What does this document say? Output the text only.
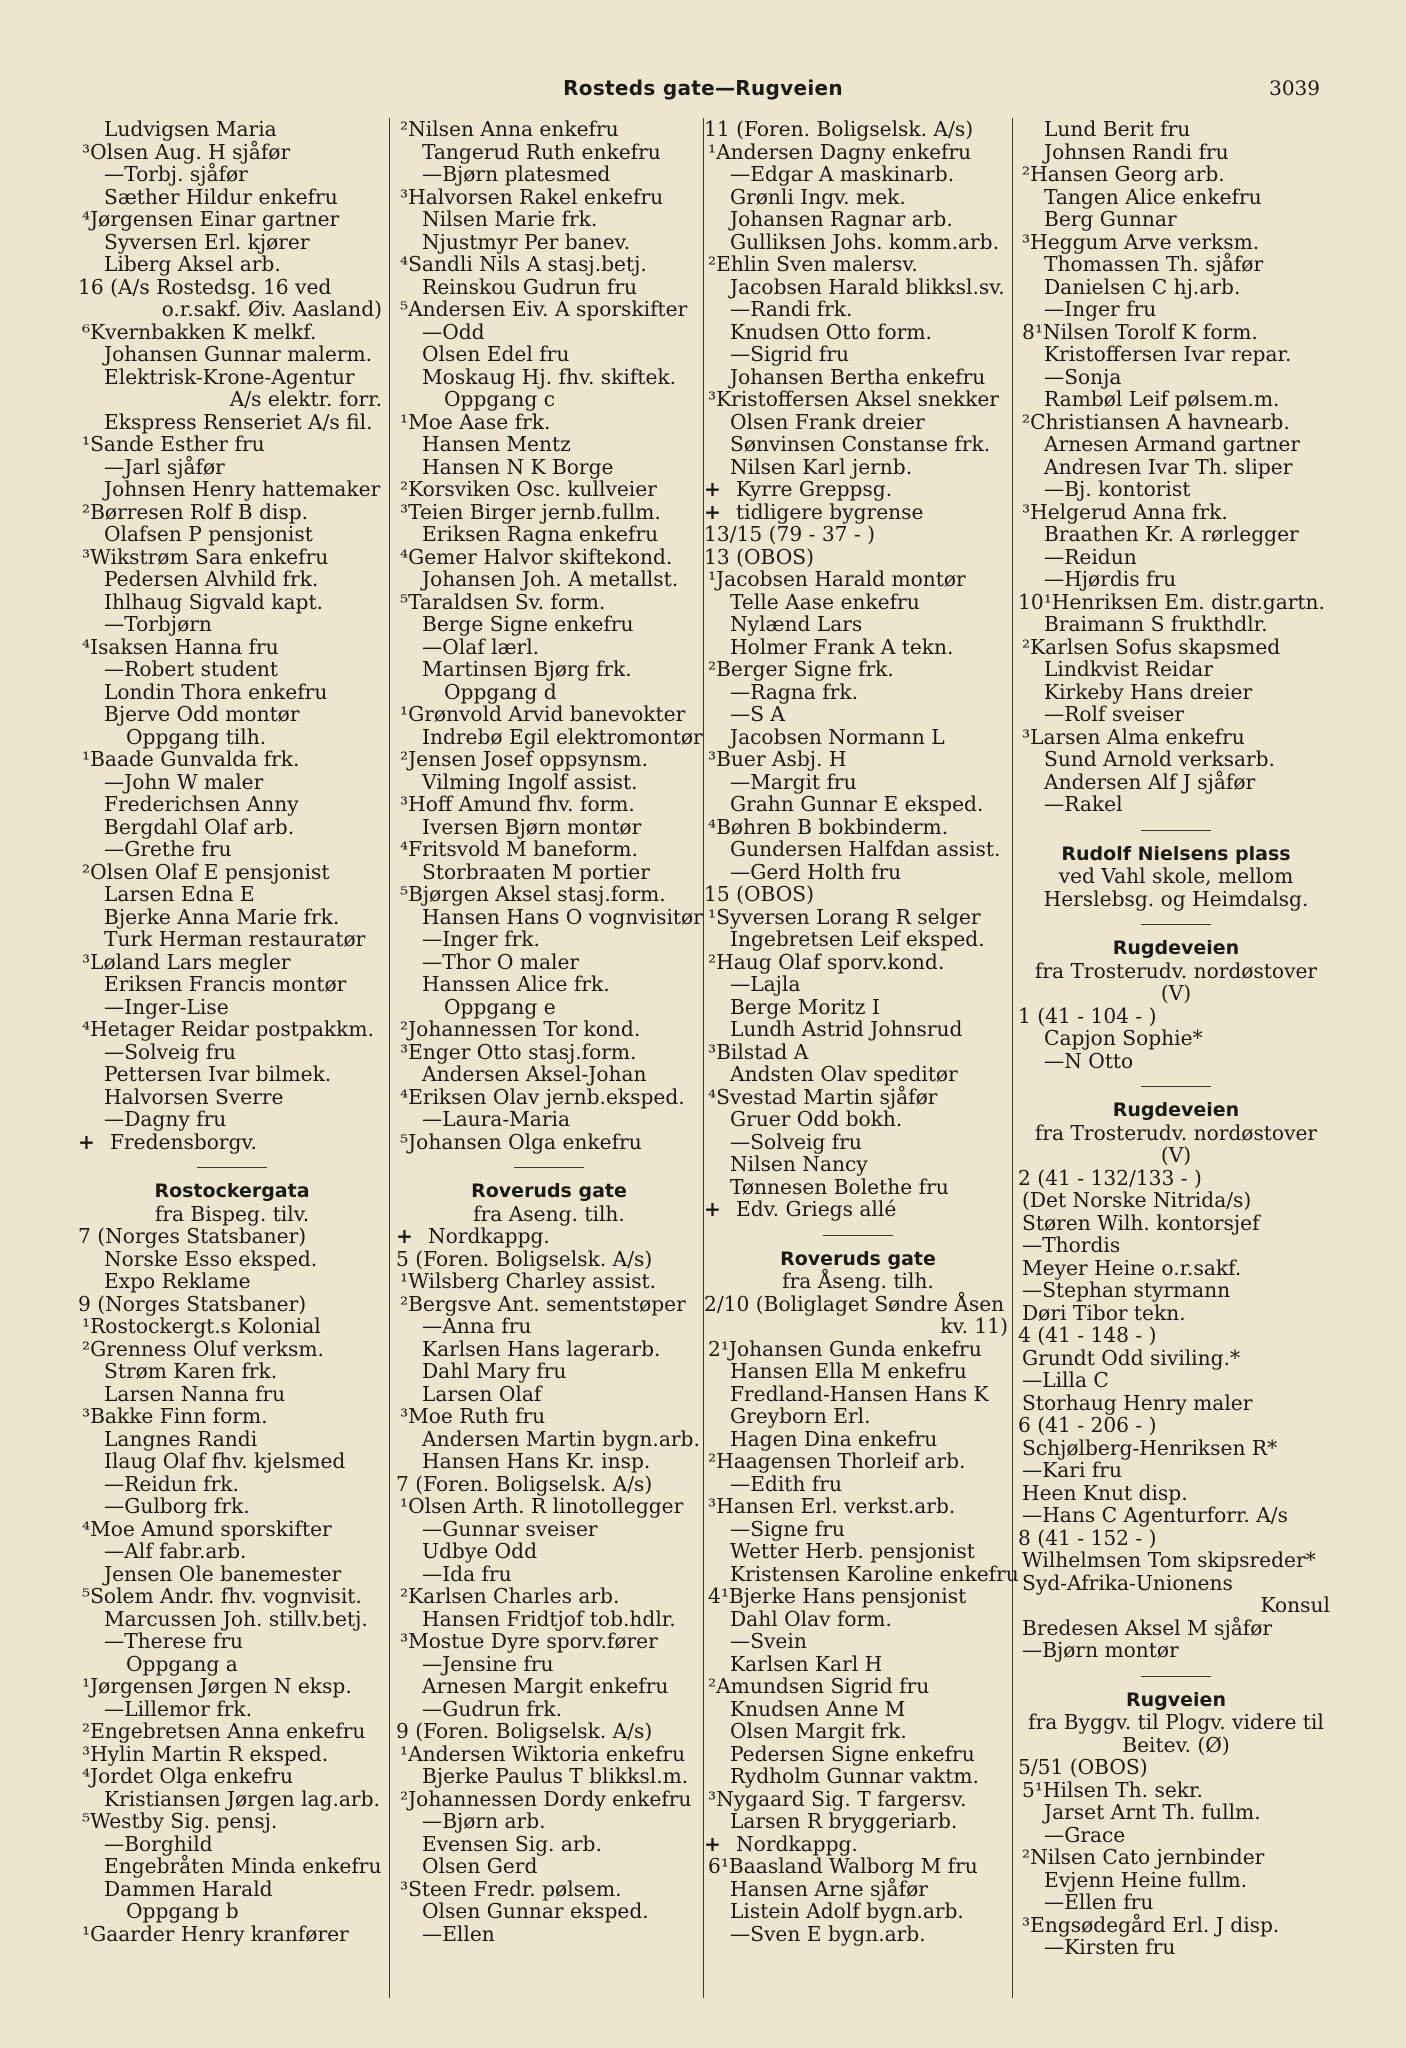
Rosteds gate—Rugveien	3039
Ludvigsen Maria
³Olsen Aug. H sjåfør
—Torbj. sjåfør
Sæther Hildur enkefru
⁴Jørgensen Einar gartner
Syversen Erl. kjører
Liberg Aksel arb.
16 (A/s Rostedsg. 16 ved
o.r.sakf. Øiv. Aasland)
⁶Kvernbakken K melkf.
Johansen Gunnar malerm.
Elektrisk-Krone-Agentur
A/s elektr. forr.
Ekspress Renseriet A/s fil.
¹Sande Esther fru
—Jarl sjåfør
Johnsen Henry hattemaker
²Børresen Rolf B disp.
Olafsen P pensjonist
³Wikstrøm Sara enkefru
Pedersen Alvhild frk.
Ihlhaug Sigvald kapt.
—Torbjørn
⁴Isaksen Hanna fru
—Robert student
Londin Thora enkefru
Bjerve Odd montør
Oppgang tilh.
¹Baade Gunvalda frk.
—John W maler
Frederichsen Anny
Bergdahl Olaf arb.
—Grethe fru
²Olsen Olaf E pensjonist
Larsen Edna E
Bjerke Anna Marie frk.
Turk Herman restauratør
³Løland Lars megler
Eriksen Francis montør
—Inger-Lise
⁴Hetager Reidar postpakkm.
—Solveig fru
Pettersen Ivar bilmek.
Halvorsen Sverre
—Dagny fru
+ Fredensborgv.
Rostockergata
fra Bispeg. tilv.
7 (Norges Statsbaner)
Norske Esso eksped.
Expo Reklame
9 (Norges Statsbaner)
¹Rostockergt.s Kolonial
²Grenness Oluf verksm.
Strøm Karen frk.
Larsen Nanna fru
³Bakke Finn form.
Langnes Randi
Ilaug Olaf fhv. kjelsmed
—Reidun frk.
—Gulborg frk.
⁴Moe Amund sporskifter
—Alf fabr.arb.
Jensen Ole banemester
⁵Solem Andr. fhv. vognvisit.
Marcussen Joh. stillv.betj.
—Therese fru
Oppgang a
¹Jørgensen Jørgen N eksp.
—Lillemor frk.
²Engebretsen Anna enkefru
³Hylin Martin R eksped.
⁴Jordet Olga enkefru
Kristiansen Jørgen lag.arb.
⁵Westby Sig. pensj.
—Borghild
Engebråten Minda enkefru
Dammen Harald
Oppgang b
¹Gaarder Henry kranfører
²Nilsen Anna enkefru
Tangerud Ruth enkefru
—Bjørn platesmed
³Halvorsen Rakel enkefru
Nilsen Marie frk.
Njustmyr Per banev.
⁴Sandli Nils A stasj.betj.
Reinskou Gudrun fru
⁵Andersen Eiv. A sporskifter
—Odd
Olsen Edel fru
Moskaug Hj. fhv. skiftek.
Oppgang c
¹Moe Aase frk.
Hansen Mentz
Hansen N K Borge
²Korsviken Osc. kullveier
³Teien Birger jernb.fullm.
Eriksen Ragna enkefru
⁴Gemer Halvor skiftekond.
Johansen Joh. A metallst.
⁵Taraldsen Sv. form.
Berge Signe enkefru
—Olaf lærl.
Martinsen Bjørg frk.
Oppgang d
¹Grønvold Arvid banevokter
Indrebø Egil elektromontør
²Jensen Josef oppsynsm.
Vilming Ingolf assist.
³Hoff Amund fhv. form.
Iversen Bjørn montør
⁴Fritsvold M baneform.
Storbraaten M portier
⁵Bjørgen Aksel stasj.form.
Hansen Hans O vognvisitør
—Inger frk.
—Thor O maler
Hanssen Alice frk.
Oppgang e
²Johannessen Tor kond.
³Enger Otto stasj.form.
Andersen Aksel-Johan
⁴Eriksen Olav jernb.eksped.
—Laura-Maria
⁵Johansen Olga enkefru
Roveruds gate
fra Aseng. tilh.
+ Nordkappg.
5 (Foren. Boligselsk. A/s)
¹Wilsberg Charley assist.
²Bergsve Ant. sementstøper
—Anna fru
Karlsen Hans lagerarb.
Dahl Mary fru
Larsen Olaf
³Moe Ruth fru
Andersen Martin bygn.arb.
Hansen Hans Kr. insp.
7 (Foren. Boligselsk. A/s)
¹Olsen Arth. R linotollegger
—Gunnar sveiser
Udbye Odd
—Ida fru
²Karlsen Charles arb.
Hansen Fridtjof tob.hdlr.
³Mostue Dyre sporv.fører
—Jensine fru
Arnesen Margit enkefru
—Gudrun frk.
9 (Foren. Boligselsk. A/s)
¹Andersen Wiktoria enkefru
Bjerke Paulus T blikksl.m.
²Johannessen Dordy enkefru
—Bjørn arb.
Evensen Sig. arb.
Olsen Gerd
³Steen Fredr. pølsem.
Olsen Gunnar eksped.
—Ellen
11 (Foren. Boligselsk. A/s)
¹Andersen Dagny enkefru
—Edgar A maskinarb.
Grønli Ingv. mek.
Johansen Ragnar arb.
Gulliksen Johs. komm.arb.
²Ehlin Sven malersv.
Jacobsen Harald blikksl.sv.
—Randi frk.
Knudsen Otto form.
—Sigrid fru
Johansen Bertha enkefru
³Kristoffersen Aksel snekker
Olsen Frank dreier
Sønvinsen Constanse frk.
Nilsen Karl jernb.
+ Kyrre Greppsg.
+ tidligere bygrense
13/15 (79 - 37 - )
13 (OBOS)
¹Jacobsen Harald montør
Telle Aase enkefru
Nylænd Lars
Holmer Frank A tekn.
²Berger Signe frk.
—Ragna frk.
—S A
Jacobsen Normann L
³Buer Asbj. H
—Margit fru
Grahn Gunnar E eksped.
⁴Bøhren B bokbinderm.
Gundersen Halfdan assist.
—Gerd Holth fru
15 (OBOS)
¹Syversen Lorang R selger
Ingebretsen Leif eksped.
²Haug Olaf sporv.kond.
—Lajla
Berge Moritz I
Lundh Astrid Johnsrud
³Bilstad A
Andsten Olav speditør
⁴Svestad Martin sjåfør
Gruer Odd bokh.
—Solveig fru
Nilsen Nancy
Tønnesen Bolethe fru
+ Edv. Griegs allé
Roveruds gate
fra Åseng. tilh.
2/10 (Boliglaget Søndre Åsen
kv. 11)
2¹Johansen Gunda enkefru
Hansen Ella M enkefru
Fredland-Hansen Hans K
Greyborn Erl.
Hagen Dina enkefru
²Haagensen Thorleif arb.
—Edith fru
³Hansen Erl. verkst.arb.
—Signe fru
Wetter Herb. pensjonist
Kristensen Karoline enkefru
4¹Bjerke Hans pensjonist
Dahl Olav form.
—Svein
Karlsen Karl H
²Amundsen Sigrid fru
Knudsen Anne M
Olsen Margit frk.
Pedersen Signe enkefru
Rydholm Gunnar vaktm.
³Nygaard Sig. T fargersv.
Larsen R bryggeriarb.
+ Nordkappg.
6¹Baasland Walborg M fru
Hansen Arne sjåfør
Listein Adolf bygn.arb.
—Sven E bygn.arb.
Lund Berit fru
Johnsen Randi fru
²Hansen Georg arb.
Tangen Alice enkefru
Berg Gunnar
³Heggum Arve verksm.
Thomassen Th. sjåfør
Danielsen C hj.arb.
—Inger fru
8¹Nilsen Torolf K form.
Kristoffersen Ivar repar.
—Sonja
Rambøl Leif pølsem.m.
²Christiansen A havnearb.
Arnesen Armand gartner
Andresen Ivar Th. sliper
—Bj. kontorist
³Helgerud Anna frk.
Braathen Kr. A rørlegger
—Reidun
—Hjørdis fru
10¹Henriksen Em. distr.gartn.
Braimann S frukthdlr.
²Karlsen Sofus skapsmed
Lindkvist Reidar
Kirkeby Hans dreier
—Rolf sveiser
³Larsen Alma enkefru
Sund Arnold verksarb.
Andersen Alf J sjåfør
—Rakel
Rudolf Nielsens plass
ved Vahl skole, mellom
Herslebsg. og Heimdalsg.
Rugdeveien
fra Trosterudv. nordøstover
(V)
1 (41 - 104 - )
Capjon Sophie*
—N Otto
Rugdeveien
fra Trosterudv. nordøstover
(V)
2 (41 - 132/133 - )
(Det Norske Nitrida/s)
Støren Wilh. kontorsjef
—Thordis
Meyer Heine o.r.sakf.
—Stephan styrmann
Døri Tibor tekn.
4 (41 - 148 - )
Grundt Odd siviling.*
—Lilla C
Storhaug Henry maler
6 (41 - 206 - )
Schjølberg-Henriksen R*
—Kari fru
Heen Knut disp.
—Hans C Agenturforr. A/s
8 (41 - 152 - )
Wilhelmsen Tom skipsreder*
Syd-Afrika-Unionens
Konsul
Bredesen Aksel M sjåfør
—Bjørn montør
Rugveien
fra Byggv. til Plogv. videre til
Beitev. (Ø)
5/51 (OBOS)
5¹Hilsen Th. sekr.
Jarset Arnt Th. fullm.
—Grace
²Nilsen Cato jernbinder
Evjenn Heine fullm.
—Ellen fru
³Engsødegård Erl. J disp.
—Kirsten fru
